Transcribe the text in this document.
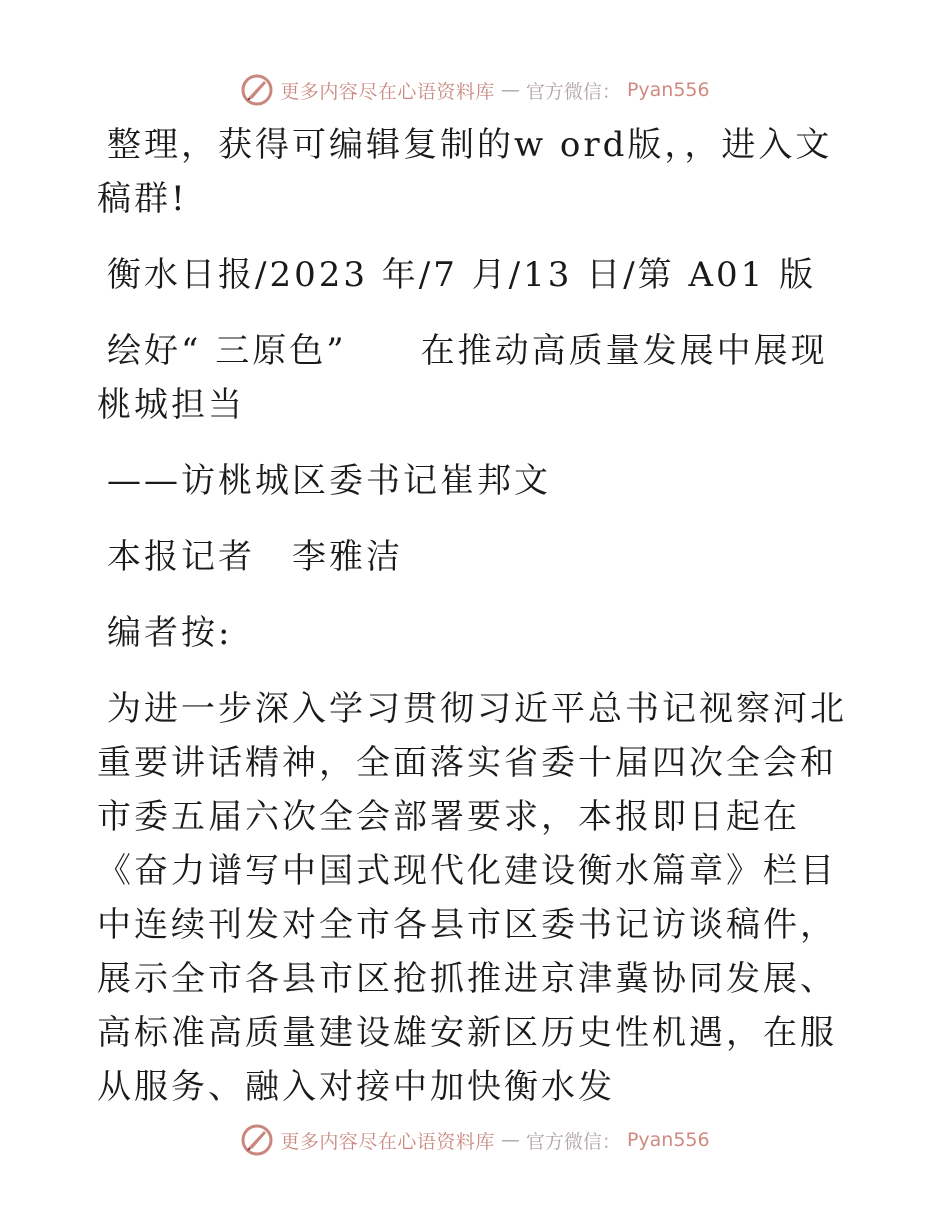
更多内容尽在心语资料库 — 官方微信： Pyan556

整理，获得可编辑复制的w ord版，，进入文稿群!

衡水日报/2023 年/7 月/13 日/第 A01 版

绘好“ 三原色”　　在推动高质量发展中展现桃城担当

——访桃城区委书记崔邦文

本报记者　李雅洁

编者按:

为进一步深入学习贯彻习近平总书记视察河北重要讲话精神，全面落实省委十届四次全会和市委五届六次全会部署要求，本报即日起在《奋力谱写中国式现代化建设衡水篇章》栏目中连续刊发对全市各县市区委书记访谈稿件，展示全市各县市区抢抓推进京津冀协同发展、高标准高质量建设雄安新区历史性机遇，在服从服务、融入对接中加快衡水发

更多内容尽在心语资料库 — 官方微信： Pyan556
